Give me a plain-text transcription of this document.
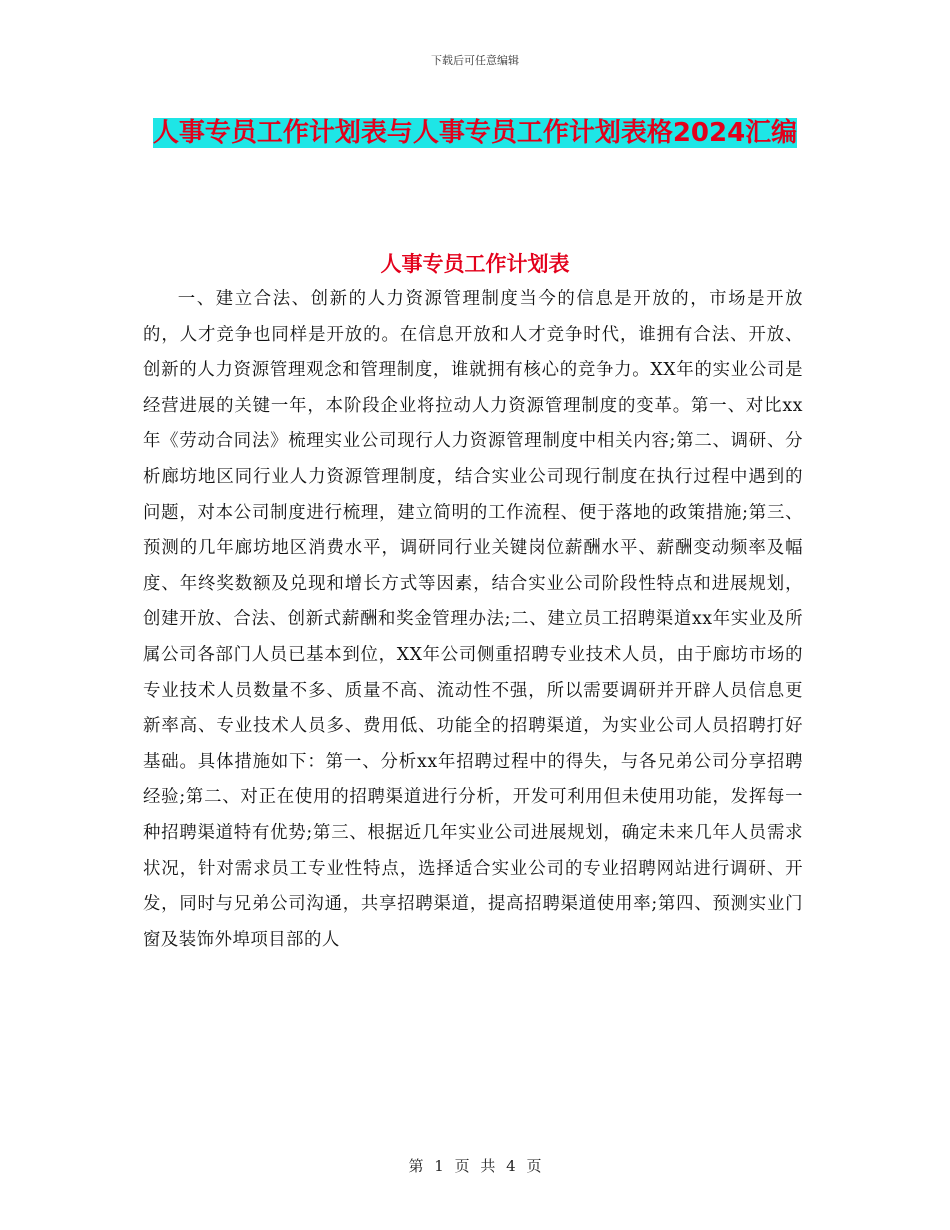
下载后可任意编辑
人事专员工作计划表与人事专员工作计划表格2024汇编
人事专员工作计划表

一、建立合法、创新的人力资源管理制度当今的信息是开放的，市场是开放的，人才竞争也同样是开放的。在信息开放和人才竞争时代，谁拥有合法、开放、创新的人力资源管理观念和管理制度，谁就拥有核心的竞争力。XX年的实业公司是经营进展的关键一年，本阶段企业将拉动人力资源管理制度的变革。第一、对比xx年《劳动合同法》梳理实业公司现行人力资源管理制度中相关内容;第二、调研、分析廊坊地区同行业人力资源管理制度，结合实业公司现行制度在执行过程中遇到的问题，对本公司制度进行梳理，建立简明的工作流程、便于落地的政策措施;第三、预测的几年廊坊地区消费水平，调研同行业关键岗位薪酬水平、薪酬变动频率及幅度、年终奖数额及兑现和增长方式等因素，结合实业公司阶段性特点和进展规划，创建开放、合法、创新式薪酬和奖金管理办法;二、建立员工招聘渠道xx年实业及所属公司各部门人员已基本到位，XX年公司侧重招聘专业技术人员，由于廊坊市场的专业技术人员数量不多、质量不高、流动性不强，所以需要调研并开辟人员信息更新率高、专业技术人员多、费用低、功能全的招聘渠道，为实业公司人员招聘打好基础。具体措施如下：第一、分析xx年招聘过程中的得失，与各兄弟公司分享招聘经验;第二、对正在使用的招聘渠道进行分析，开发可利用但未使用功能，发挥每一种招聘渠道特有优势;第三、根据近几年实业公司进展规划，确定未来几年人员需求状况，针对需求员工专业性特点，选择适合实业公司的专业招聘网站进行调研、开发，同时与兄弟公司沟通，共享招聘渠道，提高招聘渠道使用率;第四、预测实业门窗及装饰外埠项目部的人

第 1 页 共 4 页
